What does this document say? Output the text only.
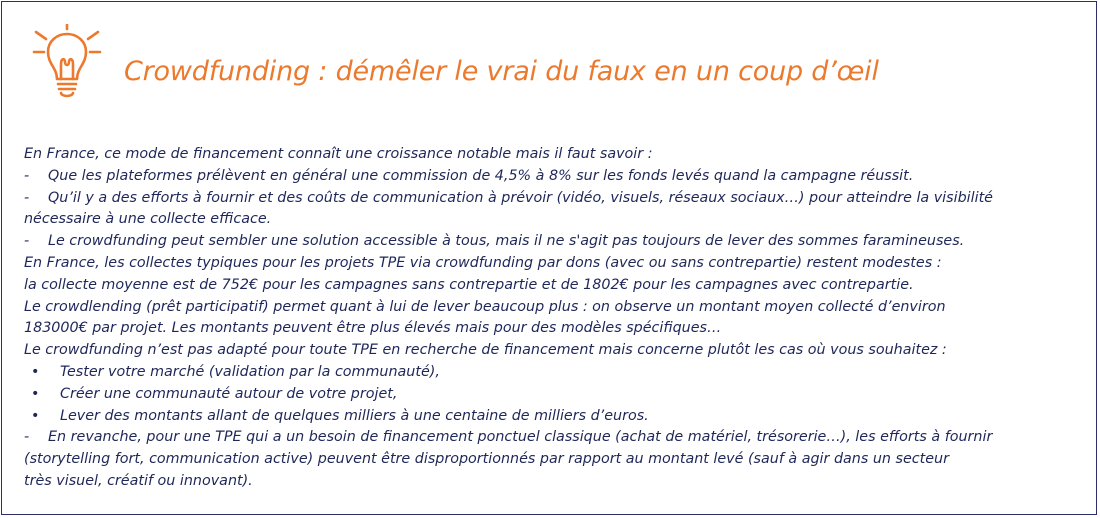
Crowdfunding : démêler le vrai du faux en un coup d’œil
En France, ce mode de financement connaît une croissance notable mais il faut savoir :
- Que les plateformes prélèvent en général une commission de 4,5% à 8% sur les fonds levés quand la campagne réussit.
- Qu’il y a des efforts à fournir et des coûts de communication à prévoir (vidéo, visuels, réseaux sociaux…) pour atteindre la visibilité
nécessaire à une collecte efficace.
- Le crowdfunding peut sembler une solution accessible à tous, mais il ne s'agit pas toujours de lever des sommes faramineuses.
En France, les collectes typiques pour les projets TPE via crowdfunding par dons (avec ou sans contrepartie) restent modestes :
la collecte moyenne est de 752€ pour les campagnes sans contrepartie et de 1802€ pour les campagnes avec contrepartie.
Le crowdlending (prêt participatif) permet quant à lui de lever beaucoup plus : on observe un montant moyen collecté d’environ
183000€ par projet. Les montants peuvent être plus élevés mais pour des modèles spécifiques…
Le crowdfunding n’est pas adapté pour toute TPE en recherche de financement mais concerne plutôt les cas où vous souhaitez :
• Tester votre marché (validation par la communauté),
• Créer une communauté autour de votre projet,
• Lever des montants allant de quelques milliers à une centaine de milliers d’euros.
- En revanche, pour une TPE qui a un besoin de financement ponctuel classique (achat de matériel, trésorerie…), les efforts à fournir
(storytelling fort, communication active) peuvent être disproportionnés par rapport au montant levé (sauf à agir dans un secteur
très visuel, créatif ou innovant).
